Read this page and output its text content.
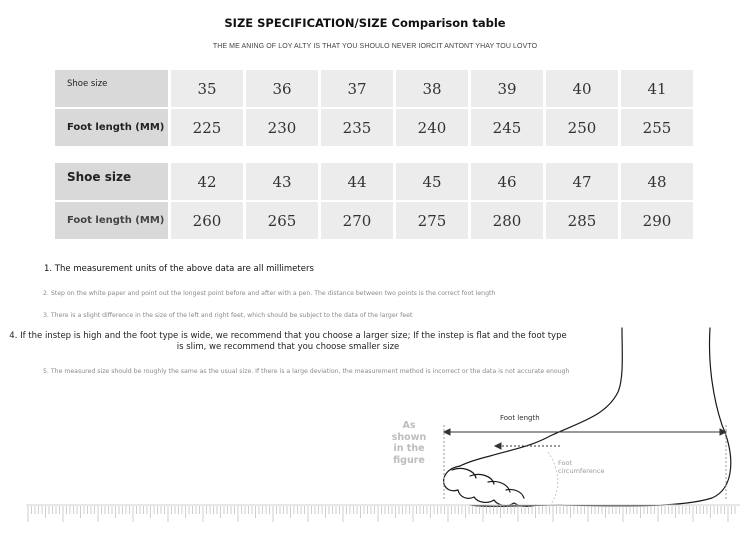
SIZE SPECIFICATION/SIZE Comparison table
THE ME ANING OF LOY ALTY IS THAT YOU SHOULO NEVER IORCIT ANTONT YHAY TOU LOVTO
Shoe size	35	36	37	38	39	40	41
Foot length (MM)	225	230	235	240	245	250	255
Shoe size	42	43	44	45	46	47	48
Foot length (MM)	260	265	270	275	280	285	290
1. The measurement units of the above data are all millimeters
2. Step on the white paper and point out the longest point before and after with a pen. The distance between two points is the correct foot length
3. There is a slight difference in the size of the left and right feet, which should be subject to the data of the larger feet
4. If the instep is high and the foot type is wide, we recommend that you choose a larger size; If the instep is flat and the foot type is slim, we recommend that you choose smaller size
5. The measured size should be roughly the same as the usual size. If there is a large deviation, the measurement method is incorrect or the data is not accurate enough
As shown in the figure
Foot length
Foot circumference
